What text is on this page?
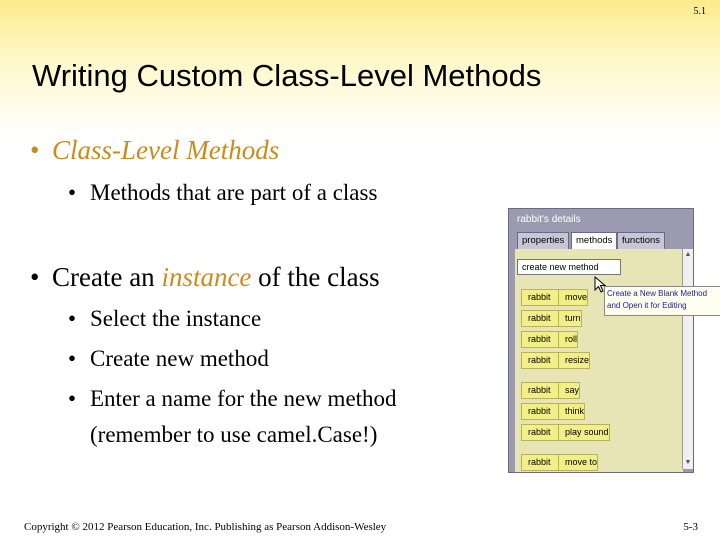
5.1
Writing Custom Class-Level Methods
• Class-Level Methods
• Methods that are part of a class
• Create an instance of the class
• Select the instance
• Create new method
• Enter a name for the new method
(remember to use camel.Case!)
rabbit's details
properties	methods	functions
create new method
rabbit move
rabbit turn
rabbit roll
rabbit resize
rabbit say
rabbit think
rabbit play sound
rabbit move to
▲
▼
Create a New Blank Method
and Open it for Editing
Copyright © 2012 Pearson Education, Inc. Publishing as Pearson Addison-Wesley	5-3
